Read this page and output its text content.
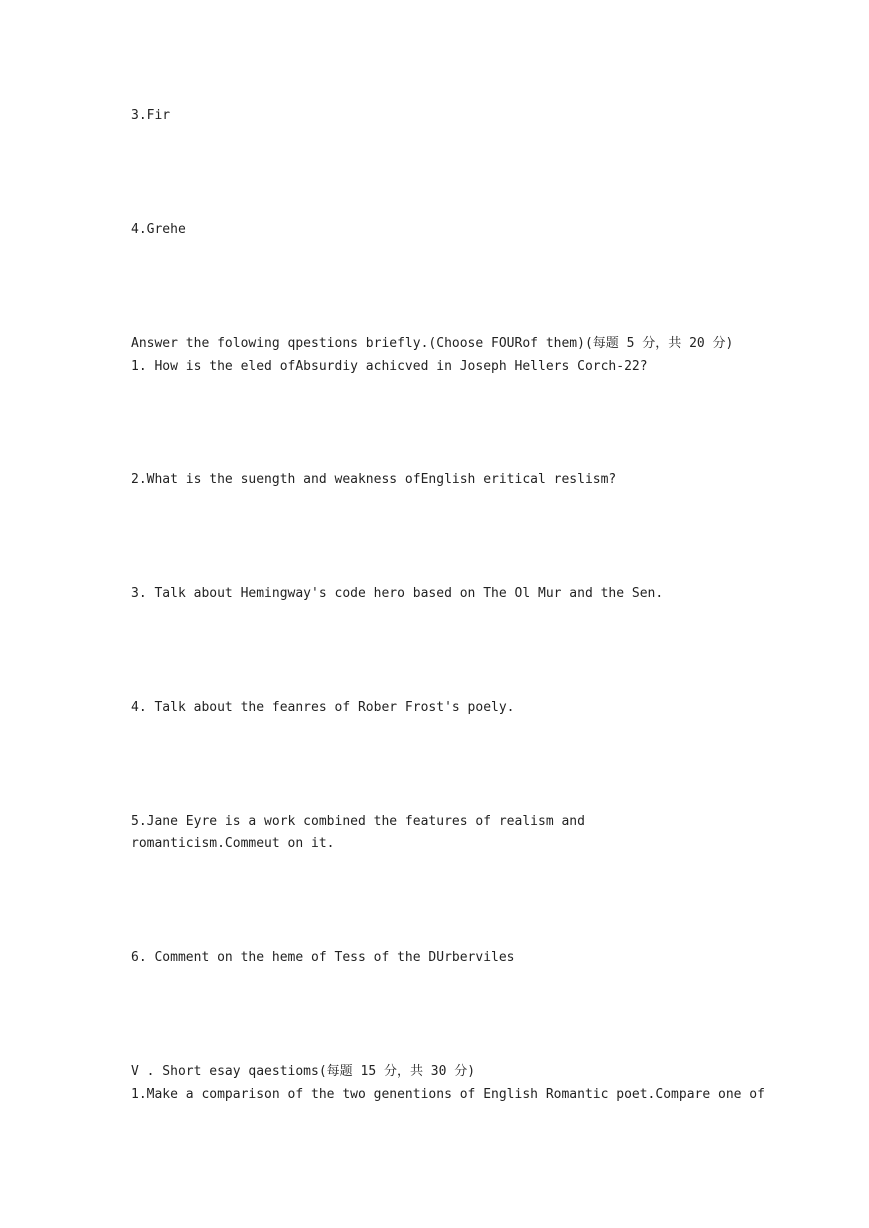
3.Fir
4.Grehe
Answer the folowing qpestions briefly.(Choose FOURof them)(每题 5 分，共 20 分)
1. How is the eled ofAbsurdiy achicved in Joseph Hellers Corch-22?
2.What is the suength and weakness ofEnglish eritical reslism?
3. Talk about Hemingway's code hero based on The Ol Mur and the Sen.
4. Talk about the feanres of Rober Frost's poely.
5.Jane Eyre is a work combined the features of realism and romanticism.Commeut on it.
6. Comment on the heme of Tess of the DUrberviles
V . Short esay qaestioms(每题 15 分，共 30 分)
1.Make a comparison of the two genentions of English Romantic poet.Compare one of
